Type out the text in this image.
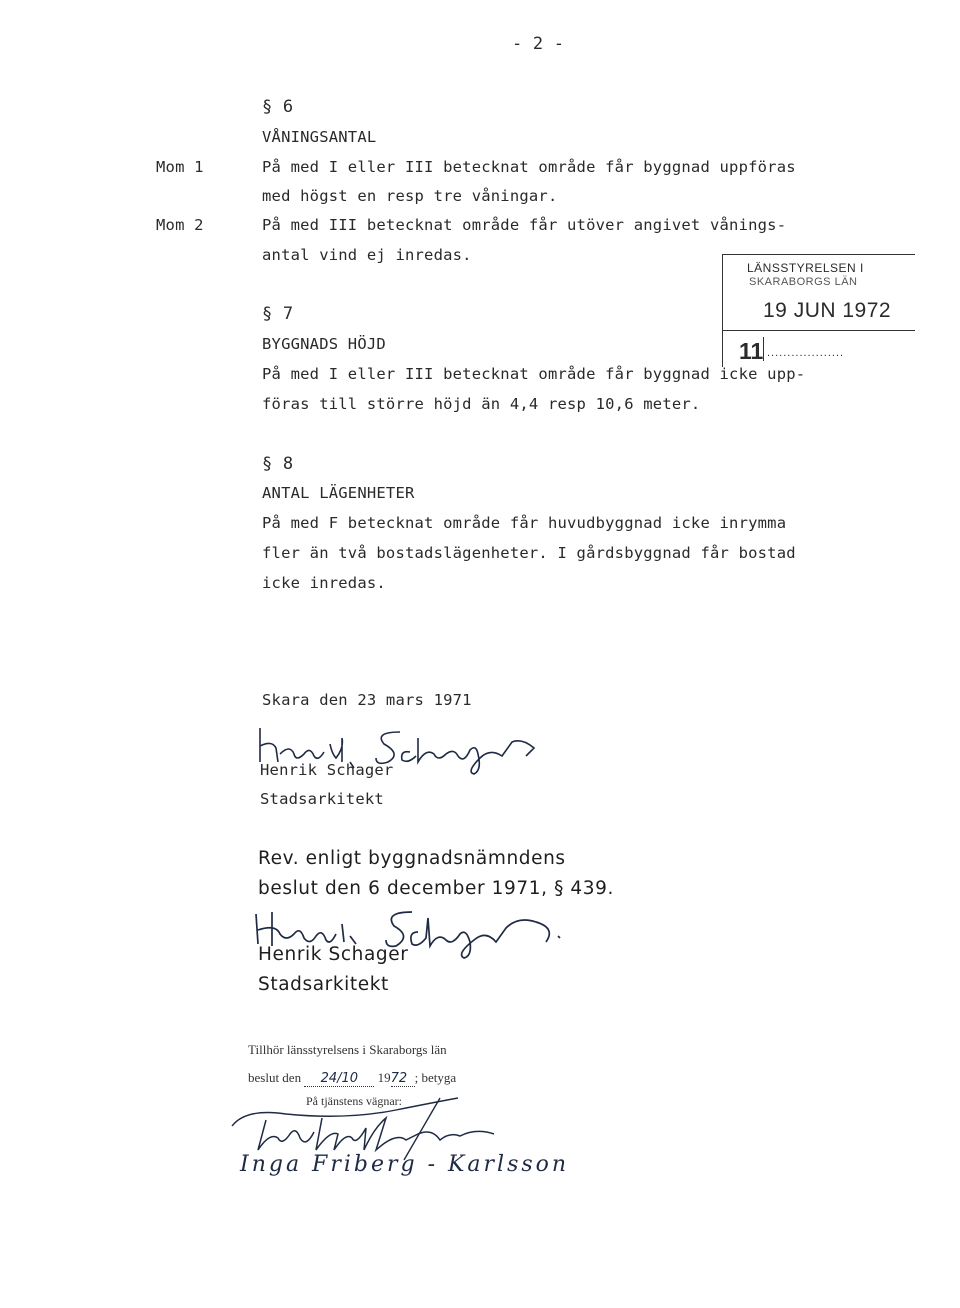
- 2 -
§ 6
VÅNINGSANTAL
Mom 1	På med I eller III betecknat område får byggnad uppföras
med högst en resp tre våningar.
Mom 2	På med III betecknat område får utöver angivet vånings-
antal vind ej inredas.
§ 7
BYGGNADS HÖJD
På med I eller III betecknat område får byggnad icke upp-
föras till större höjd än 4,4 resp 10,6 meter.
LÄNSSTYRELSEN I
SKARABORGS LÄN
19 JUN 1972
11 ...................
§ 8
ANTAL LÄGENHETER
På med F betecknat område får huvudbyggnad icke inrymma
fler än två bostadslägenheter. I gårdsbyggnad får bostad
icke inredas.
Skara den 23 mars 1971
Henrik Schager
Stadsarkitekt
Rev. enligt byggnadsnämndens
beslut den 6 december 1971, § 439.
Henrik Schager
Stadsarkitekt
Tillhör länsstyrelsens i Skaraborgs län
beslut den 24/10 1972 ; betyga
På tjänstens vägnar:
Inga Friberg - Karlsson
